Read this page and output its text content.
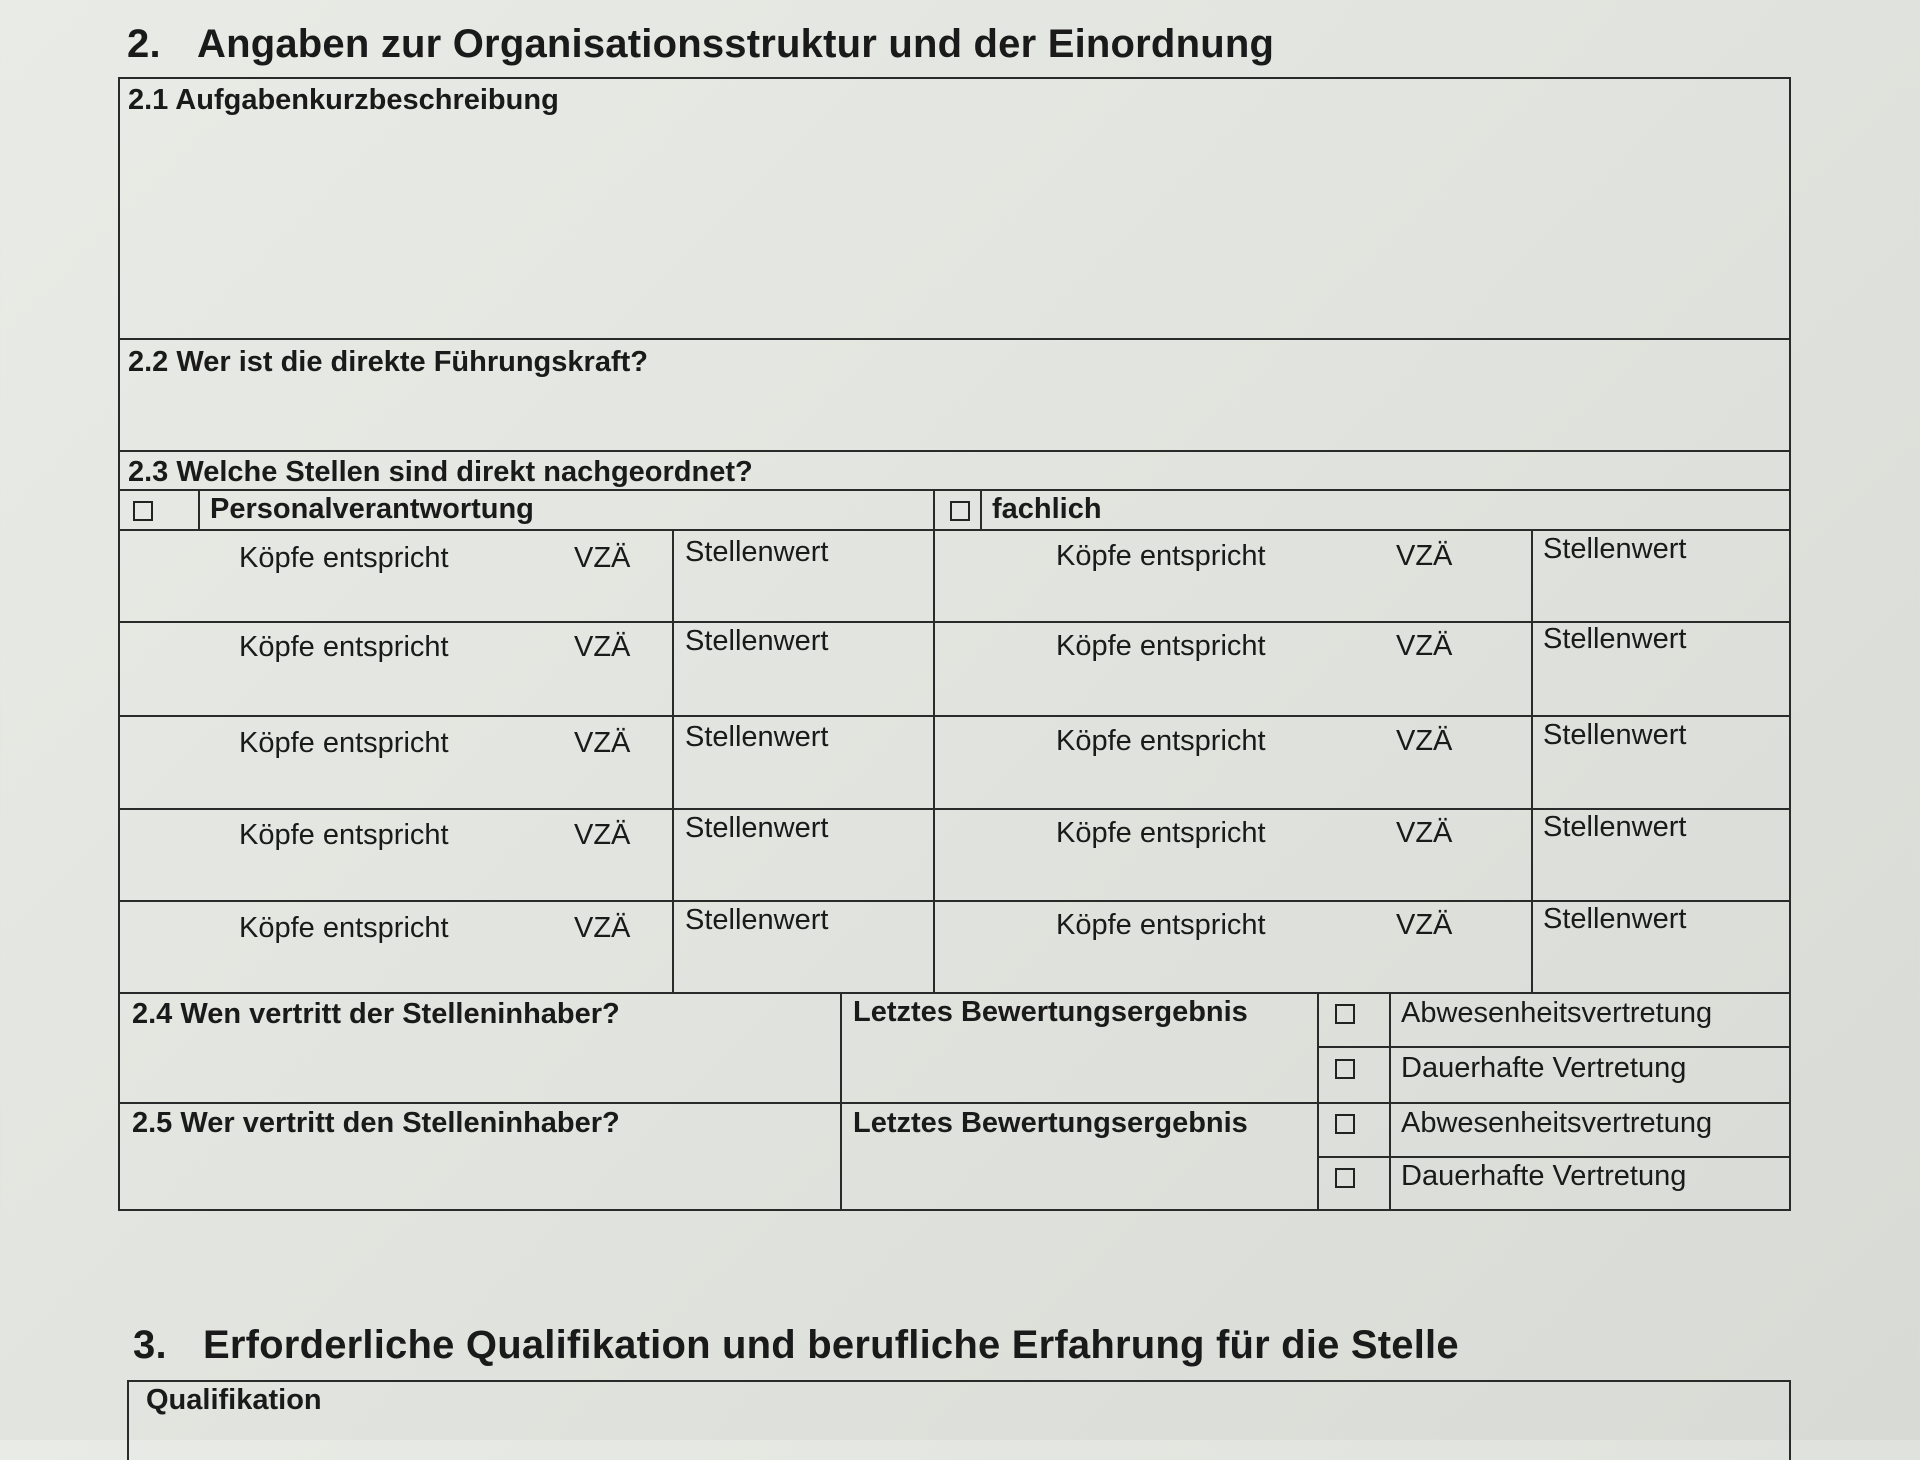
2. Angaben zur Organisationsstruktur und der Einordnung
2.1 Aufgabenkurzbeschreibung
2.2 Wer ist die direkte Führungskraft?
2.3 Welche Stellen sind direkt nachgeordnet?
Personalverantwortung	fachlich
Köpfe entspricht	VZÄ Stellenwert	Köpfe entspricht	VZÄ	Stellenwert
Köpfe entspricht	VZÄ Stellenwert	Köpfe entspricht	VZÄ	Stellenwert
Köpfe entspricht	VZÄ Stellenwert	Köpfe entspricht	VZÄ	Stellenwert
Köpfe entspricht	VZÄ Stellenwert	Köpfe entspricht	VZÄ	Stellenwert
Köpfe entspricht	VZÄ Stellenwert	Köpfe entspricht	VZÄ	Stellenwert
2.4 Wen vertritt der Stelleninhaber?	Letztes Bewertungsergebnis	Abwesenheitsvertretung
Dauerhafte Vertretung
2.5 Wer vertritt den Stelleninhaber?	Letztes Bewertungsergebnis	Abwesenheitsvertretung
Dauerhafte Vertretung
3. Erforderliche Qualifikation und berufliche Erfahrung für die Stelle
Qualifikation
